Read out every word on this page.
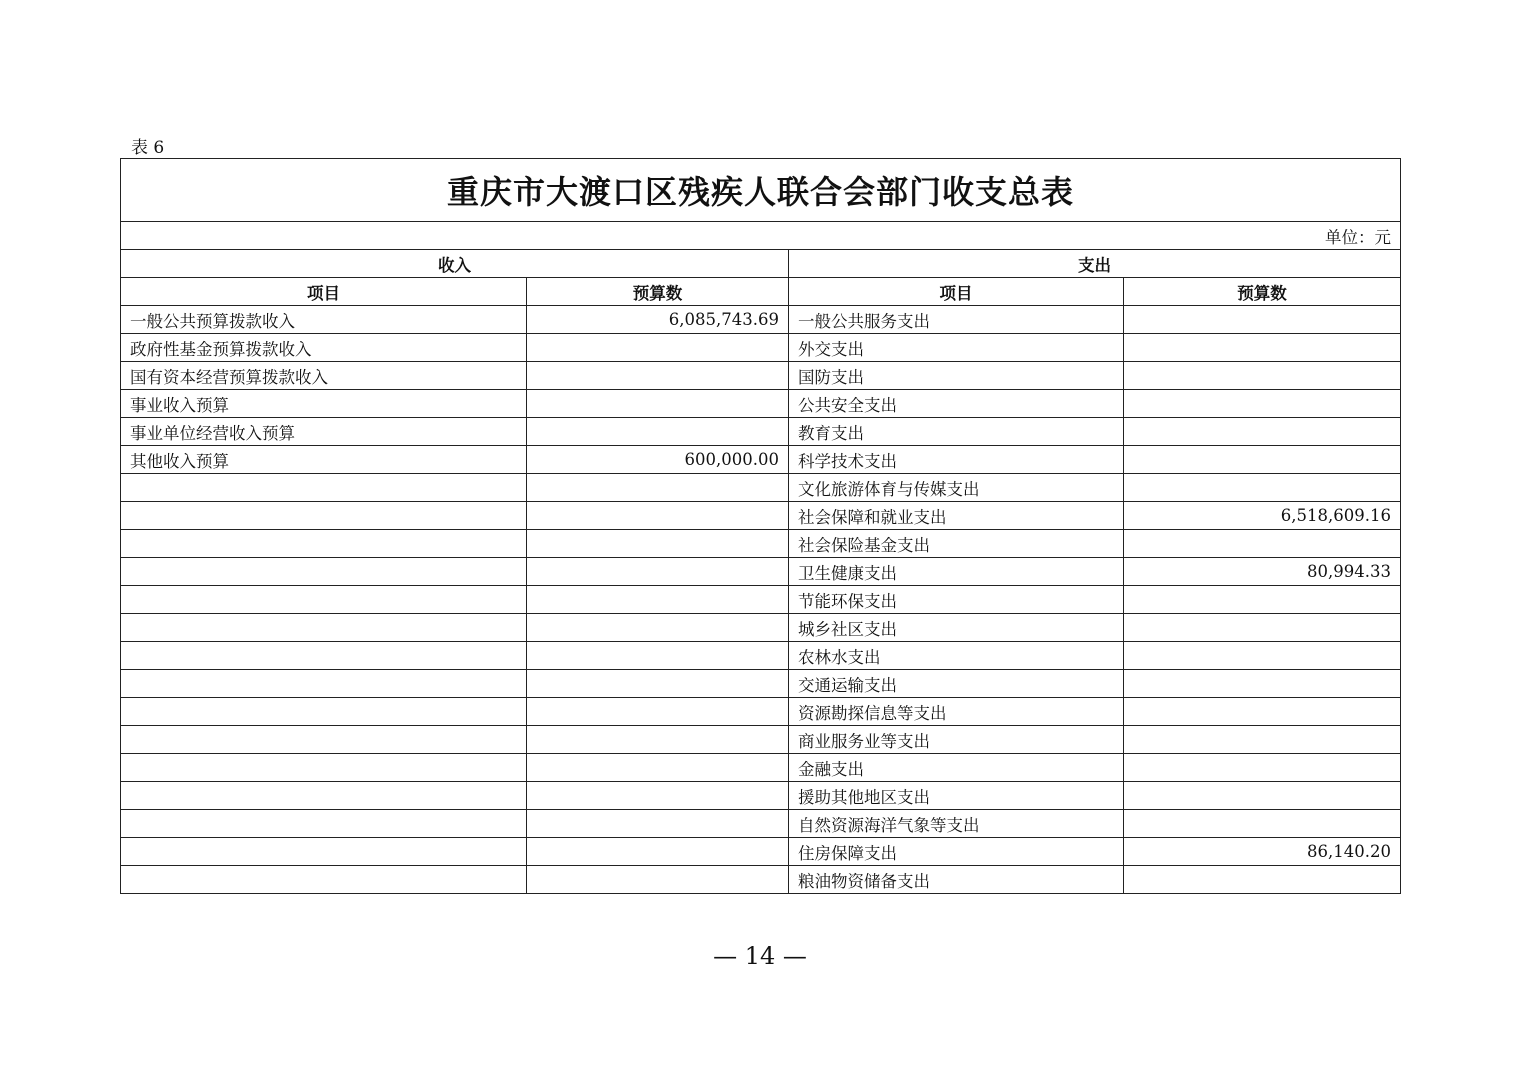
表 6
重庆市大渡口区残疾人联合会部门收支总表			
单位：元			
收入		支出	
项目	预算数	项目	预算数
一般公共预算拨款收入	6,085,743.69	一般公共服务支出	
政府性基金预算拨款收入		外交支出	
国有资本经营预算拨款收入		国防支出	
事业收入预算		公共安全支出	
事业单位经营收入预算		教育支出	
其他收入预算	600,000.00	科学技术支出	
		文化旅游体育与传媒支出	
		社会保障和就业支出	6,518,609.16
		社会保险基金支出	
		卫生健康支出	80,994.33
		节能环保支出	
		城乡社区支出	
		农林水支出	
		交通运输支出	
		资源勘探信息等支出	
		商业服务业等支出	
		金融支出	
		援助其他地区支出	
		自然资源海洋气象等支出	
		住房保障支出	86,140.20
		粮油物资储备支出	
— 14 —
